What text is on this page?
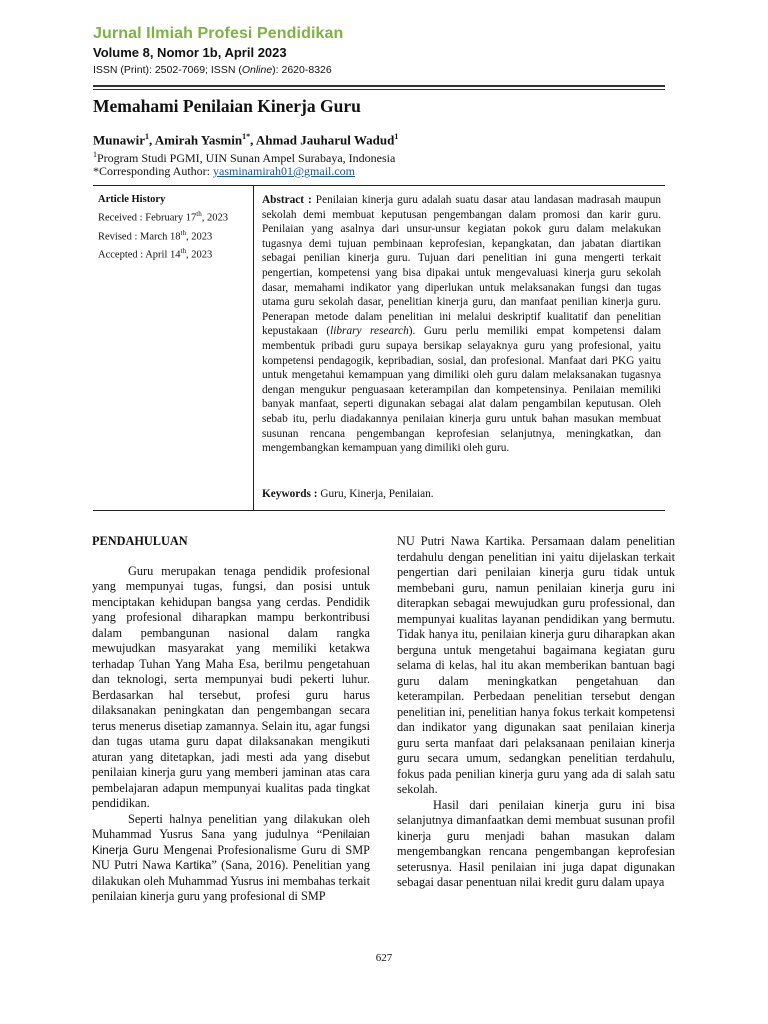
Jurnal Ilmiah Profesi Pendidikan
Volume 8, Nomor 1b, April 2023
ISSN (Print): 2502-7069; ISSN (Online): 2620-8326
Memahami Penilaian Kinerja Guru
Munawir$^1$, Amirah Yasmin$^{1*}$, Ahmad Jauharul Wadud$^1$
$^1$Program Studi PGMI, UIN Sunan Ampel Surabaya, Indonesia
*Corresponding Author: yasminamirah01@gmail.com
Article History
Received : February 17th, 2023
Revised : March 18th, 2023
Accepted : April 14th, 2023
Abstract : Penilaian kinerja guru adalah suatu dasar atau landasan madrasah maupun sekolah demi membuat keputusan pengembangan dalam promosi dan karir guru. Penilaian yang asalnya dari unsur-unsur kegiatan pokok guru dalam melakukan tugasnya demi tujuan pembinaan keprofesian, kepangkatan, dan jabatan diartikan sebagai penilian kinerja guru. Tujuan dari penelitian ini guna mengerti terkait pengertian, kompetensi yang bisa dipakai untuk mengevaluasi kinerja guru sekolah dasar, memahami indikator yang diperlukan untuk melaksanakan fungsi dan tugas utama guru sekolah dasar, penelitian kinerja guru, dan manfaat penilian kinerja guru. Penerapan metode dalam penelitian ini melalui deskriptif kualitatif dan penelitian kepustakaan (library research). Guru perlu memiliki empat kompetensi dalam membentuk pribadi guru supaya bersikap selayaknya guru yang profesional, yaitu kompetensi pendagogik, kepribadian, sosial, dan profesional. Manfaat dari PKG yaitu untuk mengetahui kemampuan yang dimiliki oleh guru dalam melaksanakan tugasnya dengan mengukur penguasaan keterampilan dan kompetensinya. Penilaian memiliki banyak manfaat, seperti digunakan sebagai alat dalam pengambilan keputusan. Oleh sebab itu, perlu diadakannya penilaian kinerja guru untuk bahan masukan membuat susunan rencana pengembangan keprofesian selanjutnya, meningkatkan, dan mengembangkan kemampuan yang dimiliki oleh guru.
Keywords : Guru, Kinerja, Penilaian.

PENDAHULUAN

Guru merupakan tenaga pendidik profesional yang mempunyai tugas, fungsi, dan posisi untuk menciptakan kehidupan bangsa yang cerdas. Pendidik yang profesional diharapkan mampu berkontribusi dalam pembangunan nasional dalam rangka mewujudkan masyarakat yang memiliki ketakwa terhadap Tuhan Yang Maha Esa, berilmu pengetahuan dan teknologi, serta mempunyai budi pekerti luhur. Berdasarkan hal tersebut, profesi guru harus dilaksanakan peningkatan dan pengembangan secara terus menerus disetiap zamannya. Selain itu, agar fungsi dan tugas utama guru dapat dilaksanakan mengikuti aturan yang ditetapkan, jadi mesti ada yang disebut penilaian kinerja guru yang memberi jaminan atas cara pembelajaran adapun mempunyai kualitas pada tingkat pendidikan.

Seperti halnya penelitian yang dilakukan oleh Muhammad Yusrus Sana yang judulnya “Penilaian Kinerja Guru Mengenai Profesionalisme Guru di SMP NU Putri Nawa Kartika” (Sana, 2016). Penelitian yang dilakukan oleh Muhammad Yusrus ini membahas terkait penilaian kinerja guru yang profesional di SMP

NU Putri Nawa Kartika. Persamaan dalam penelitian terdahulu dengan penelitian ini yaitu dijelaskan terkait pengertian dari penilaian kinerja guru tidak untuk membebani guru, namun penilaian kinerja guru ini diterapkan sebagai mewujudkan guru professional, dan mempunyai kualitas layanan pendidikan yang bermutu. Tidak hanya itu, penilaian kinerja guru diharapkan akan berguna untuk mengetahui bagaimana kegiatan guru selama di kelas, hal itu akan memberikan bantuan bagi guru dalam meningkatkan pengetahuan dan keterampilan. Perbedaan penelitian tersebut dengan penelitian ini, penelitian hanya fokus terkait kompetensi dan indikator yang digunakan saat penilaian kinerja guru serta manfaat dari pelaksanaan penilaian kinerja guru secara umum, sedangkan penelitian terdahulu, fokus pada penilian kinerja guru yang ada di salah satu sekolah.

Hasil dari penilaian kinerja guru ini bisa selanjutnya dimanfaatkan demi membuat susunan profil kinerja guru menjadi bahan masukan dalam mengembangkan rencana pengembangan keprofesian seterusnya. Hasil penilaian ini juga dapat digunakan sebagai dasar penentuan nilai kredit guru dalam upaya

627
